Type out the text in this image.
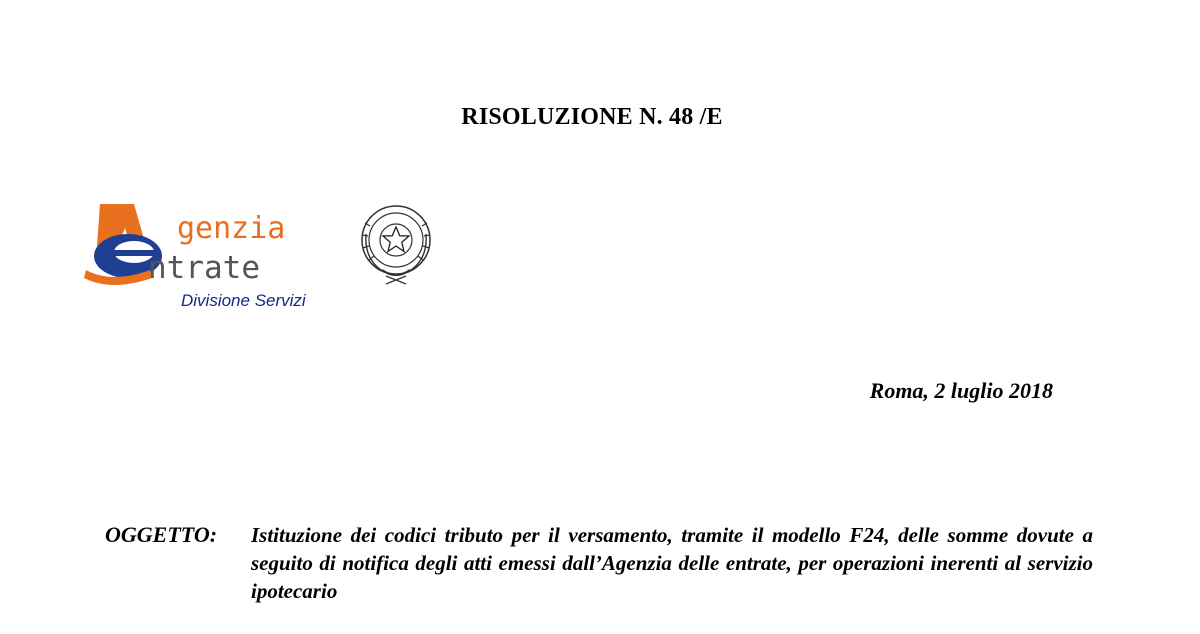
RISOLUZIONE N. 48 /E
genzia
ntrate
Divisione Servizi
Roma, 2 luglio 2018
OGGETTO: Istituzione dei codici tributo per il versamento, tramite il modello F24, delle somme dovute a seguito di notifica degli atti emessi dall’Agenzia delle entrate, per operazioni inerenti al servizio ipotecario
